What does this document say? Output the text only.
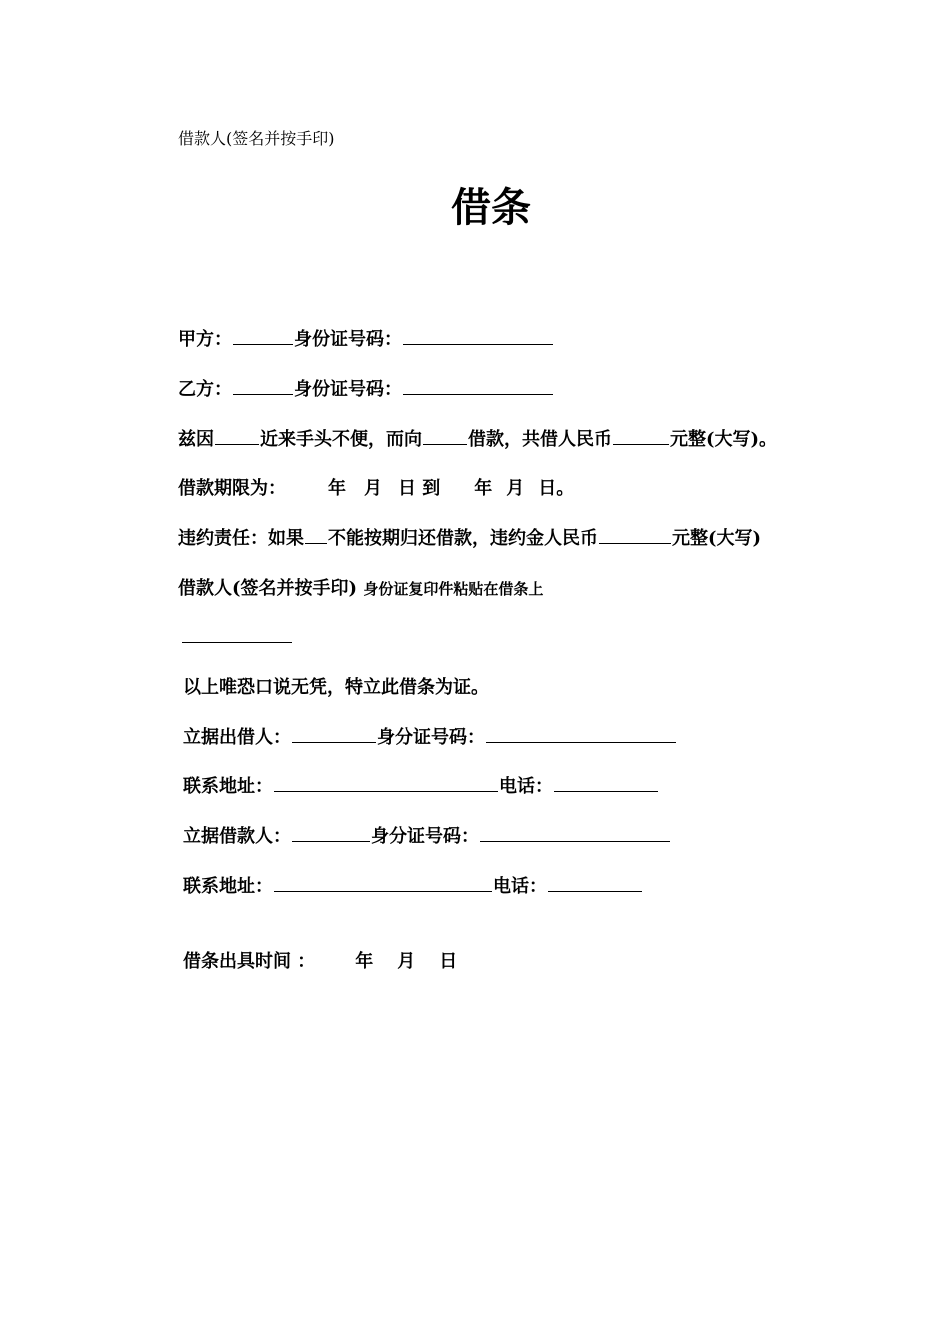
借款人(签名并按手印)
借条
甲方：	身份证号码：
乙方：	身份证号码：
兹因	近来手头不便，而向	借款，共借人民币	元整(大写)。
借款期限为： 年 月 日 到 年 月 日。
违约责任：如果 不能按期归还借款，违约金人民币	元整(大写)
借款人(签名并按手印) 身份证复印件粘贴在借条上
以上唯恐口说无凭，特立此借条为证。
立据出借人：	身分证号码：
联系地址：	电话：
立据借款人：	身分证号码：
联系地址：	电话：
借条出具时间 ： 年 月 日
